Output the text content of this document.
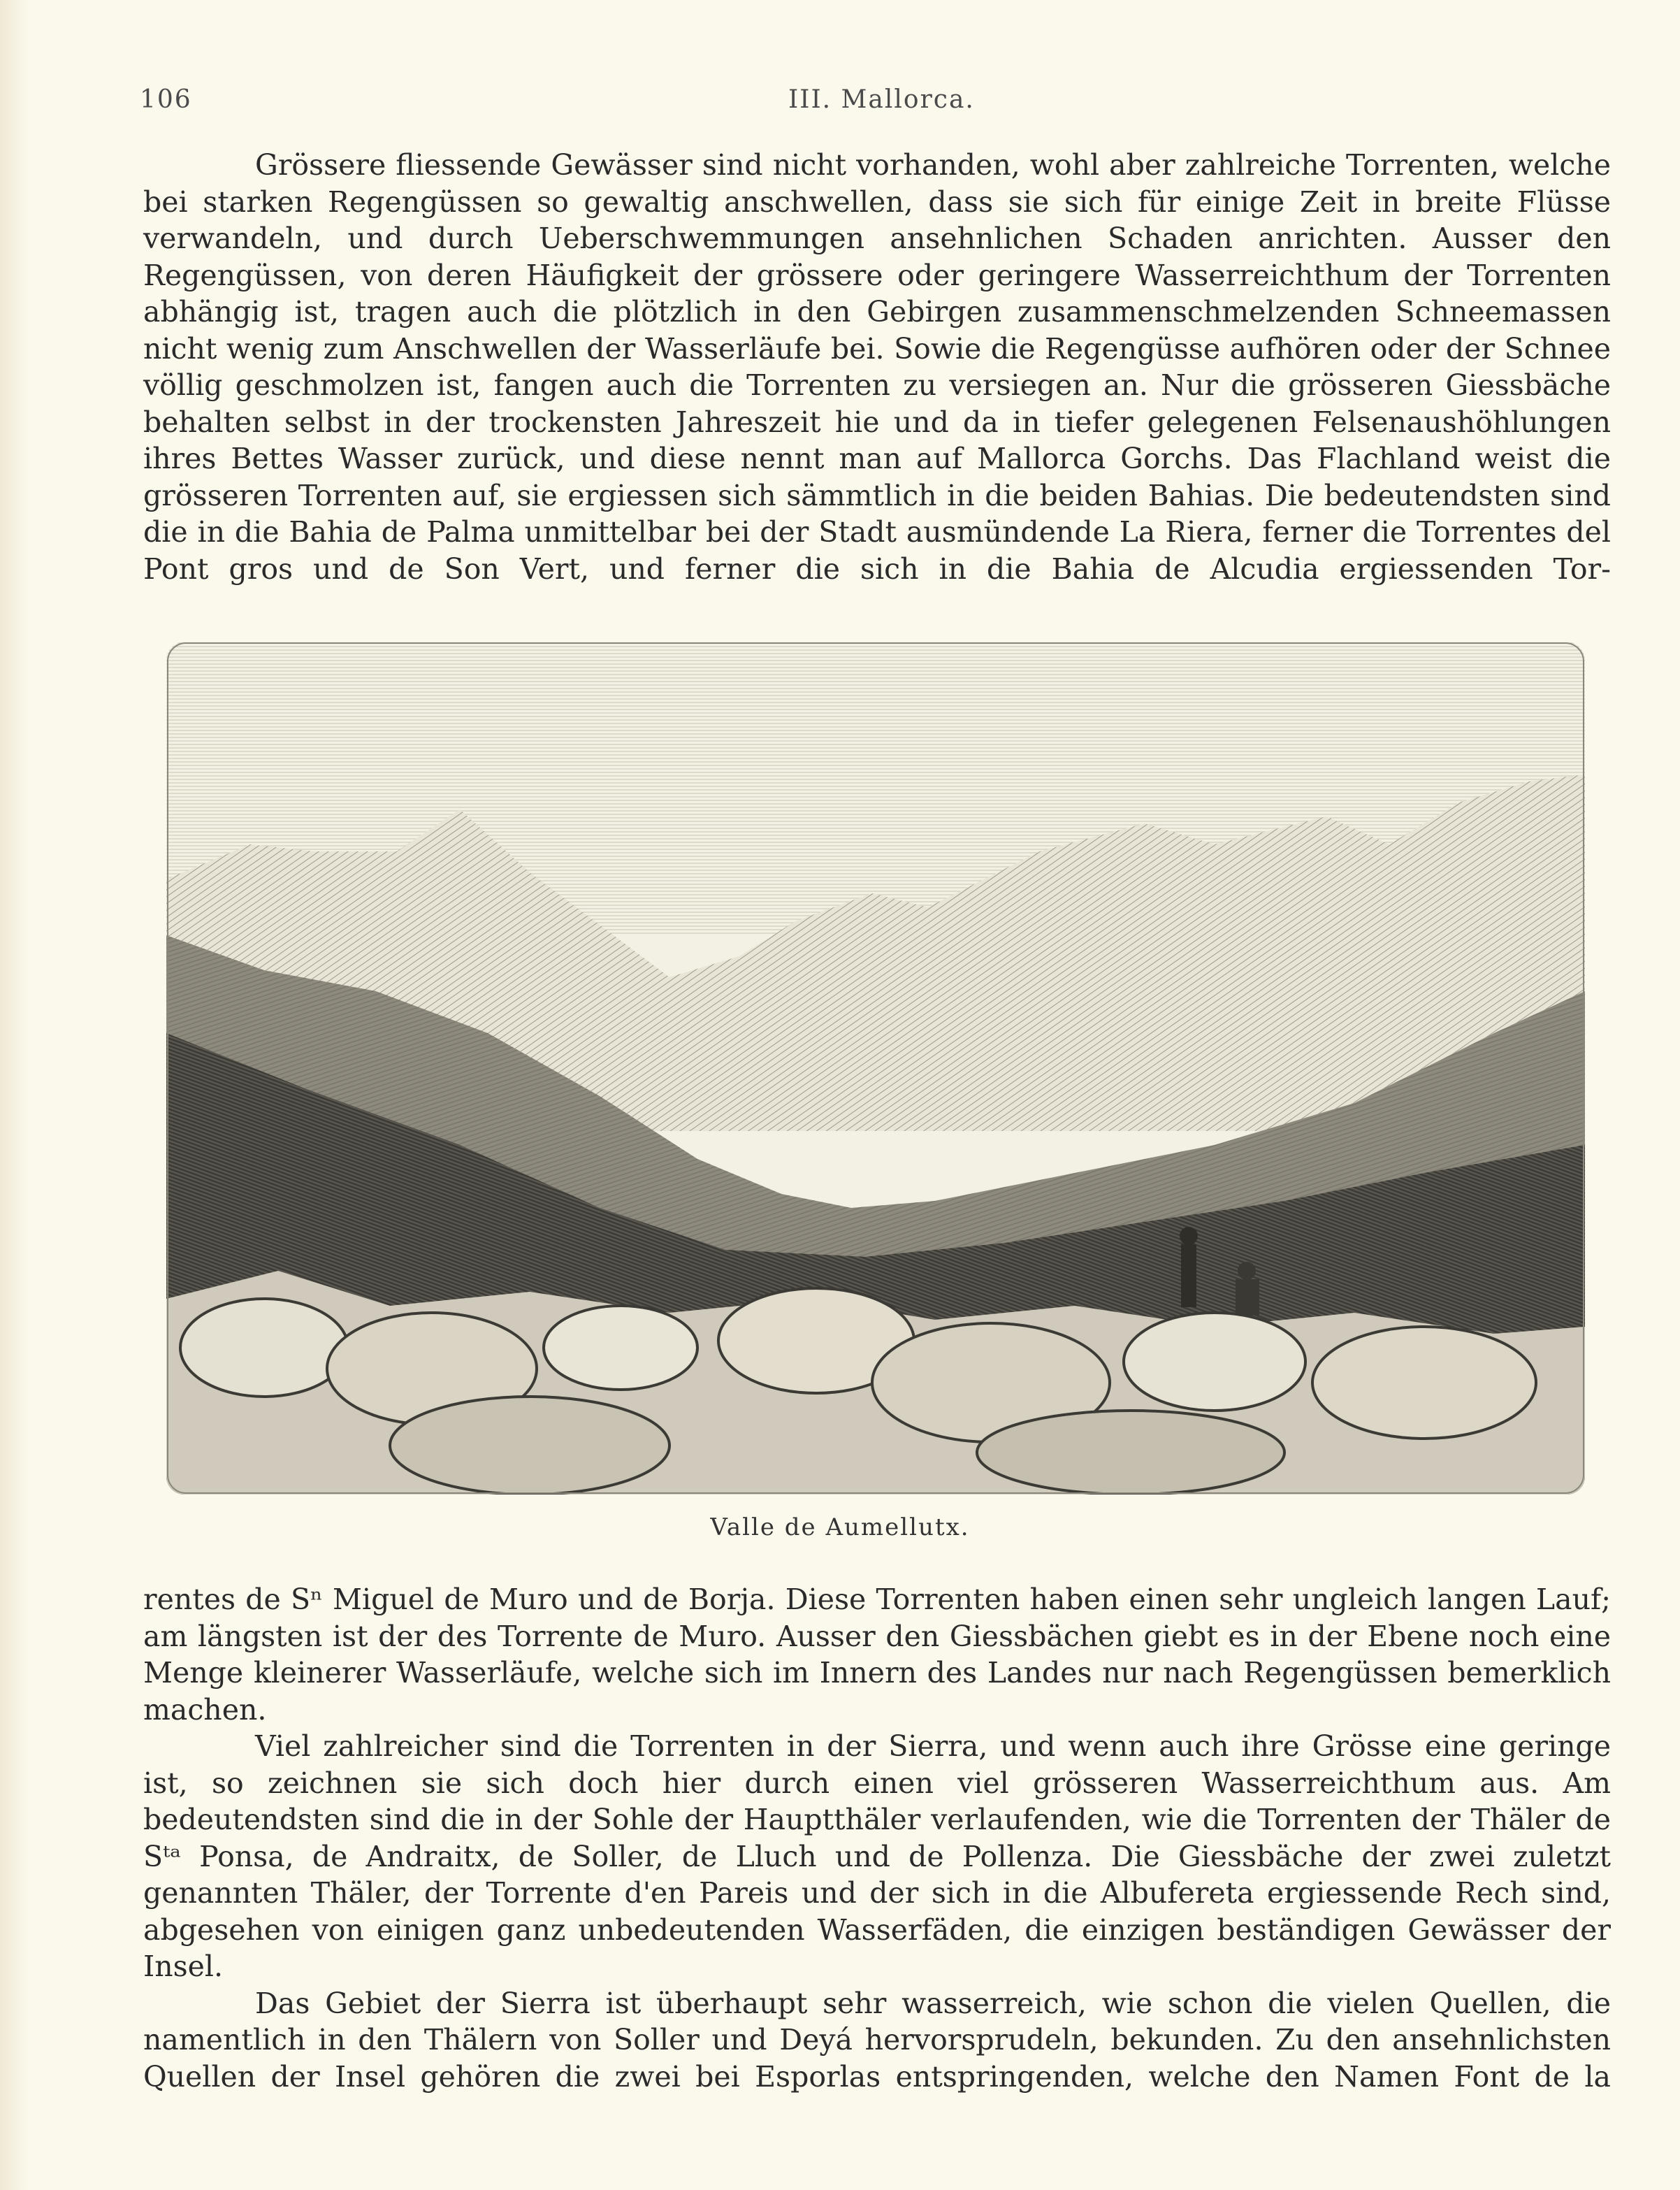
106	III. Mallorca.

Grössere fliessende Gewässer sind nicht vorhanden, wohl aber zahlreiche Torrenten, welche bei starken Regengüssen so gewaltig anschwellen, dass sie sich für einige Zeit in breite Flüsse verwandeln, und durch Ueberschwemmungen ansehnlichen Schaden anrichten. Ausser den Regengüssen, von deren Häufigkeit der grössere oder geringere Wasserreichthum der Torrenten abhängig ist, tragen auch die plötzlich in den Gebirgen zusammenschmelzenden Schneemassen nicht wenig zum Anschwellen der Wasserläufe bei. Sowie die Regengüsse aufhören oder der Schnee völlig geschmolzen ist, fangen auch die Torrenten zu versiegen an. Nur die grösseren Giessbäche behalten selbst in der trockensten Jahreszeit hie und da in tiefer gelegenen Felsenaushöhlungen ihres Bettes Wasser zurück, und diese nennt man auf Mallorca Gorchs. Das Flachland weist die grösseren Torrenten auf, sie ergiessen sich sämmtlich in die beiden Bahias. Die bedeutendsten sind die in die Bahia de Palma unmittelbar bei der Stadt ausmündende La Riera, ferner die Torrentes del Pont gros und de Son Vert, und ferner die sich in die Bahia de Alcudia ergiessenden Tor-

Valle de Aumellutx.

rentes de Sⁿ Miguel de Muro und de Borja. Diese Torrenten haben einen sehr ungleich langen Lauf; am längsten ist der des Torrente de Muro. Ausser den Giessbächen giebt es in der Ebene noch eine Menge kleinerer Wasserläufe, welche sich im Innern des Landes nur nach Regengüssen bemerklich machen.

Viel zahlreicher sind die Torrenten in der Sierra, und wenn auch ihre Grösse eine geringe ist, so zeichnen sie sich doch hier durch einen viel grösseren Wasserreichthum aus. Am bedeutendsten sind die in der Sohle der Hauptthäler verlaufenden, wie die Torrenten der Thäler de Sᵗᵃ Ponsa, de Andraitx, de Soller, de Lluch und de Pollenza. Die Giessbäche der zwei zuletzt genannten Thäler, der Torrente d'en Pareis und der sich in die Albufereta ergiessende Rech sind, abgesehen von einigen ganz unbedeutenden Wasserfäden, die einzigen beständigen Gewässer der Insel.

Das Gebiet der Sierra ist überhaupt sehr wasserreich, wie schon die vielen Quellen, die namentlich in den Thälern von Soller und Deyá hervorsprudeln, bekunden. Zu den ansehnlichsten Quellen der Insel gehören die zwei bei Esporlas entspringenden, welche den Namen Font de la
